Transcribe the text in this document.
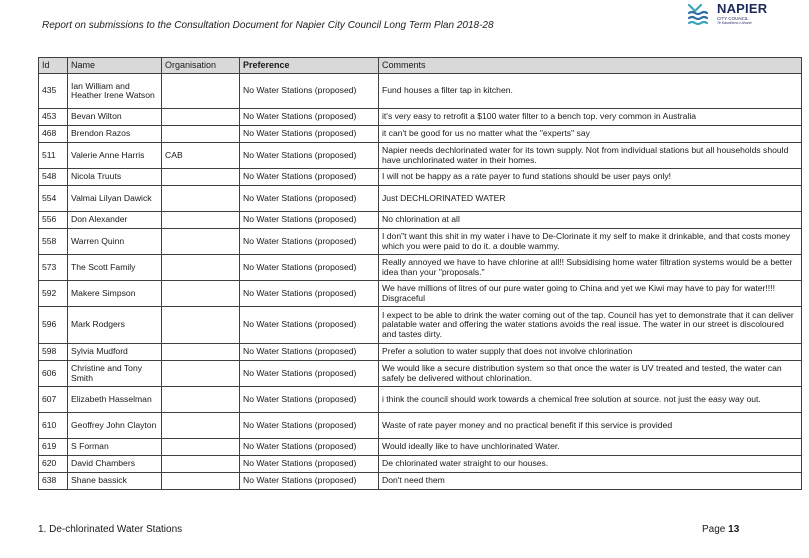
Report on submissions to the Consultation Document for Napier City Council Long Term Plan 2018-28
NAPIER
CITY COUNCIL
Te Kaunihera o Ahuriri
Id	Name	Organisation	Preference	Comments
435	Ian William and Heather Irene Watson		No Water Stations (proposed)	Fund houses a filter tap in kitchen.
453	Bevan Wilton		No Water Stations (proposed)	it's very easy to retrofit a $100 water filter to a bench top. very common in Australia
468	Brendon Razos		No Water Stations (proposed)	it can't be good for us no matter what the "experts" say
511	Valerie Anne Harris	CAB	No Water Stations (proposed)	Napier needs dechlorinated water for its town supply. Not from individual stations but all households should have unchlorinated water in their homes.
548	Nicola Truuts		No Water Stations (proposed)	I will not be happy as a rate payer to fund stations should be user pays only!
554	Valmai Lilyan Dawick		No Water Stations (proposed)	Just DECHLORINATED WATER
556	Don Alexander		No Water Stations (proposed)	No chlorination at all
558	Warren Quinn		No Water Stations (proposed)	I don"t want this shit in my water i have to De-Clorinate it my self to make it drinkable, and that costs money which you were paid to do it. a double wammy.
573	The Scott Family		No Water Stations (proposed)	Really annoyed we have to have chlorine at all!! Subsidising home water filtration systems would be a better idea than your "proposals."
592	Makere Simpson		No Water Stations (proposed)	We have millions of litres of our pure water going to China and yet we Kiwi may have to pay for water!!!! Disgraceful
596	Mark Rodgers		No Water Stations (proposed)	I expect to be able to drink the water coming out of the tap. Council has yet to demonstrate that it can deliver palatable water and offering the water stations avoids the real issue. The water in our street is discoloured and tastes dirty.
598	Sylvia Mudford		No Water Stations (proposed)	Prefer a solution to water supply that does not involve chlorination
606	Christine and Tony Smith		No Water Stations (proposed)	We would like a secure distribution system so that once the water is UV treated and tested, the water can safely be delivered without chlorination.
607	Elizabeth Hasselman		No Water Stations (proposed)	i think the council should work towards a chemical free solution at source. not just the easy way out.
610	Geoffrey John Clayton		No Water Stations (proposed)	Waste of rate payer money and no practical benefit if this service is provided
619	S Forman		No Water Stations (proposed)	Would ideally like to have unchlorinated Water.
620	David Chambers		No Water Stations (proposed)	De chlorinated water straight to our houses.
638	Shane bassick		No Water Stations (proposed)	Don't need them
1. De-chlorinated Water Stations	Page 13
